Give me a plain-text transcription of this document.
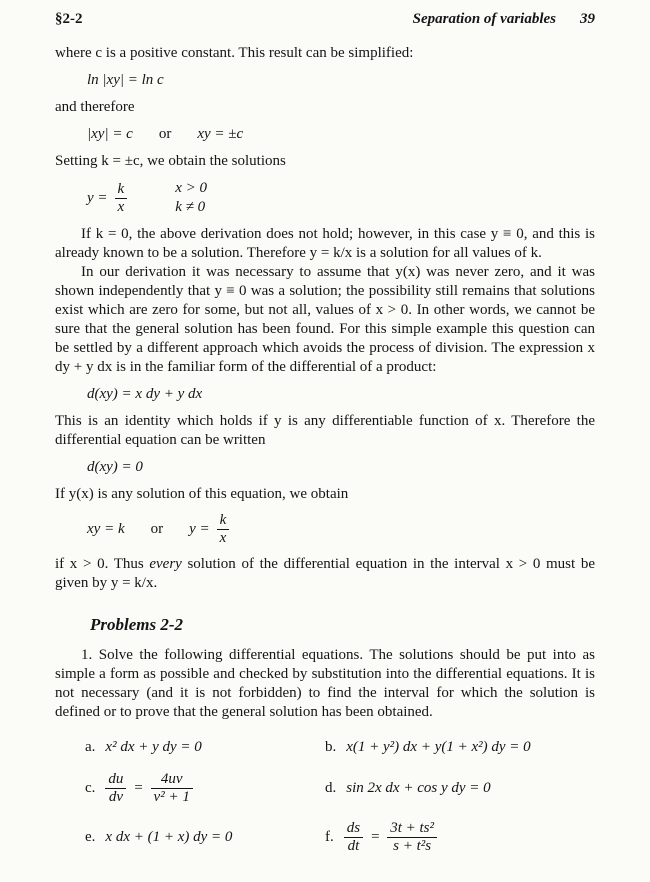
§2-2	Separation of variables 39

where c is a positive constant. This result can be simplified:

ln |xy| = ln c

and therefore

|xy| = c or xy = ±c

Setting k = ±c, we obtain the solutions

$y = \frac{k}{x}$	x > 0
k ≠ 0

If k = 0, the above derivation does not hold; however, in this case y ≡ 0, and this is already known to be a solution. Therefore y = k/x is a solution for all values of k.

In our derivation it was necessary to assume that y(x) was never zero, and it was shown independently that y ≡ 0 was a solution; the possibility still remains that solutions exist which are zero for some, but not all, values of x > 0. In other words, we cannot be sure that the general solution has been found. For this simple example this question can be settled by a different approach which avoids the process of division. The expression x dy + y dx is in the familiar form of the differential of a product:

d(xy) = x dy + y dx

This is an identity which holds if y is any differentiable function of x. Therefore the differential equation can be written

d(xy) = 0

If y(x) is any solution of this equation, we obtain

xy = k or $y = \frac{k}{x}$

if x > 0. Thus every solution of the differential equation in the interval x > 0 must be given by y = k/x.

Problems 2-2

1. Solve the following differential equations. The solutions should be put into as simple a form as possible and checked by substitution into the differential equations. It is not necessary (and it is not forbidden) to find the interval for which the solution is defined or to prove that the general solution has been obtained.

a. x² dx + y dy = 0	b. x(1 + y²) dx + y(1 + x²) dy = 0
c. $\frac{du}{dv} = \frac{4uv}{\text{v² + 1}}$	d. sin 2x dx + cos y dy = 0
e. x dx + (1 + x) dy = 0	f. $\frac{ds}{dt} = \frac{\text{3t + ts²}}{\text{s + t²s}}$
